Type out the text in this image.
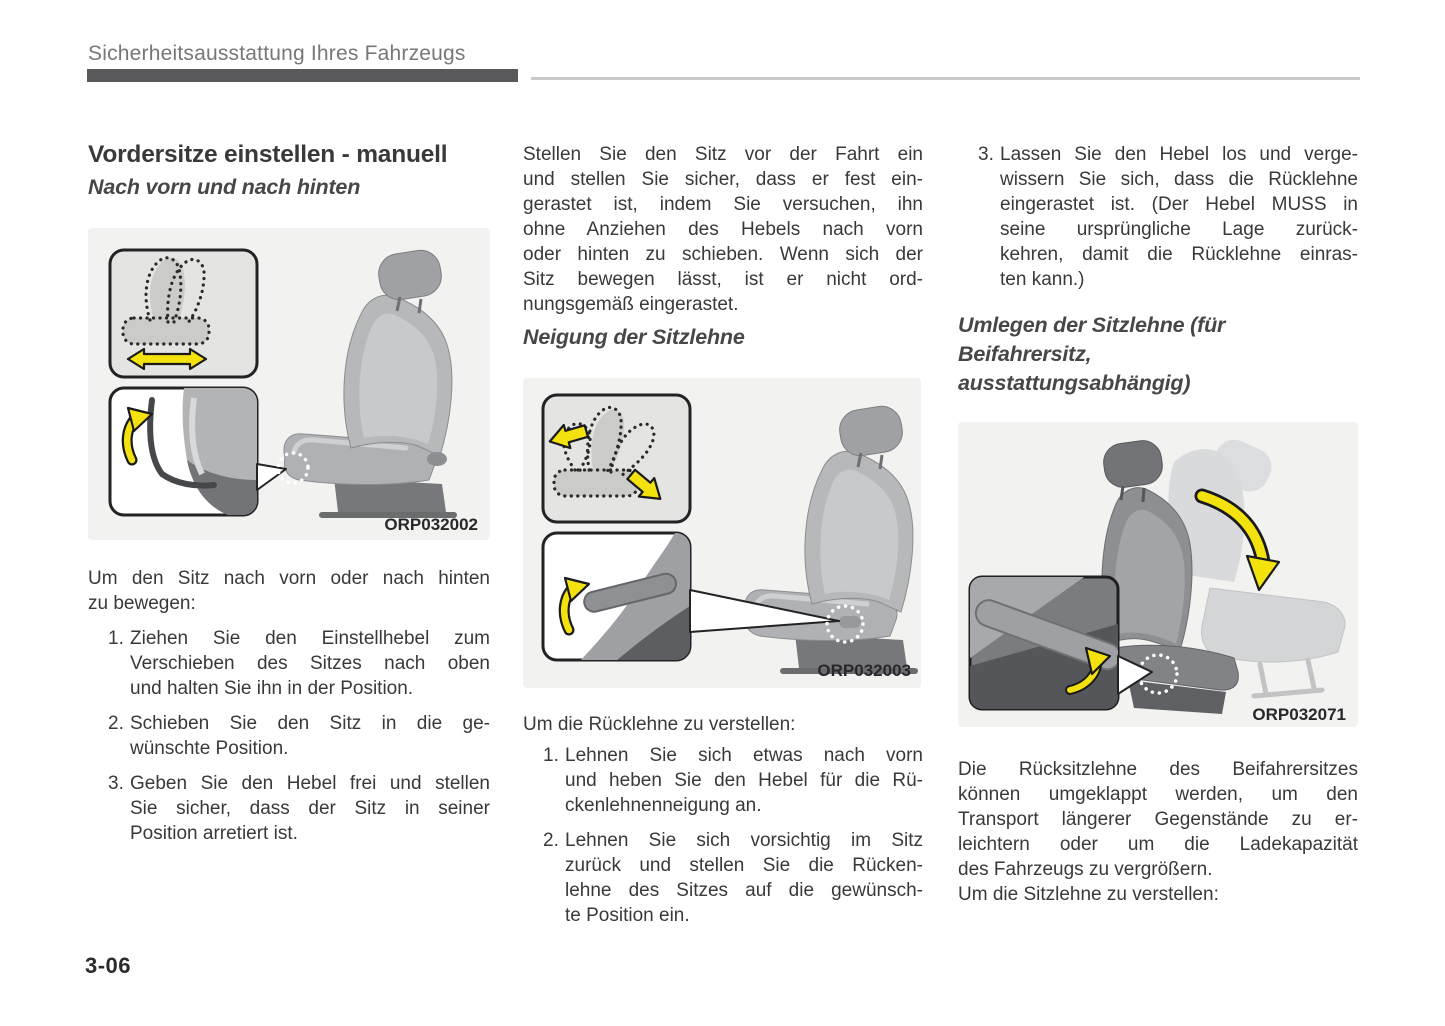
Sicherheitsausstattung Ihres Fahrzeugs
Vordersitze einstellen - manuell
Nach vorn und nach hinten
ORP032002
Um den Sitz nach vorn oder nach hinten
zu bewegen:
1. Ziehen Sie den Einstellhebel zum
Verschieben des Sitzes nach oben
und halten Sie ihn in der Position.
2. Schieben Sie den Sitz in die ge-
wünschte Position.
3. Geben Sie den Hebel frei und stellen
Sie sicher, dass der Sitz in seiner
Position arretiert ist.
Stellen Sie den Sitz vor der Fahrt ein
und stellen Sie sicher, dass er fest ein-
gerastet ist, indem Sie versuchen, ihn
ohne Anziehen des Hebels nach vorn
oder hinten zu schieben. Wenn sich der
Sitz bewegen lässt, ist er nicht ord-
nungsgemäß eingerastet.
Neigung der Sitzlehne
ORP032003
Um die Rücklehne zu verstellen:
1. Lehnen Sie sich etwas nach vorn
und heben Sie den Hebel für die Rü-
ckenlehnenneigung an.
2. Lehnen Sie sich vorsichtig im Sitz
zurück und stellen Sie die Rücken-
lehne des Sitzes auf die gewünsch-
te Position ein.
3. Lassen Sie den Hebel los und verge-
wissern Sie sich, dass die Rücklehne
eingerastet ist. (Der Hebel MUSS in
seine ursprüngliche Lage zurück-
kehren, damit die Rücklehne einras-
ten kann.)
Umlegen der Sitzlehne (für
Beifahrersitz,
ausstattungsabhängig)
ORP032071
Die Rücksitzlehne des Beifahrersitzes
können umgeklappt werden, um den
Transport längerer Gegenstände zu er-
leichtern oder um die Ladekapazität
des Fahrzeugs zu vergrößern.
Um die Sitzlehne zu verstellen:
3-06
